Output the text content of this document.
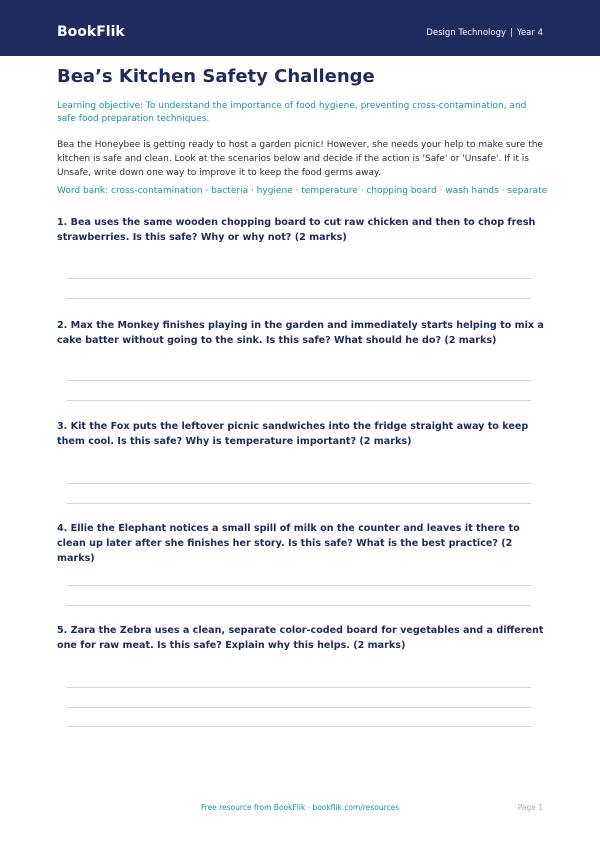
BookFlik	Design Technology | Year 4
Bea’s Kitchen Safety Challenge

Learning objective: To understand the importance of food hygiene, preventing cross-contamination, and safe food preparation techniques.

Bea the Honeybee is getting ready to host a garden picnic! However, she needs your help to make sure the kitchen is safe and clean. Look at the scenarios below and decide if the action is 'Safe' or 'Unsafe'. If it is Unsafe, write down one way to improve it to keep the food germs away.

Word bank: cross-contamination · bacteria · hygiene · temperature · chopping board · wash hands · separate

1. Bea uses the same wooden chopping board to cut raw chicken and then to chop fresh strawberries. Is this safe? Why or why not? (2 marks)

2. Max the Monkey finishes playing in the garden and immediately starts helping to mix a cake batter without going to the sink. Is this safe? What should he do? (2 marks)

3. Kit the Fox puts the leftover picnic sandwiches into the fridge straight away to keep them cool. Is this safe? Why is temperature important? (2 marks)

4. Ellie the Elephant notices a small spill of milk on the counter and leaves it there to clean up later after she finishes her story. Is this safe? What is the best practice? (2 marks)

5. Zara the Zebra uses a clean, separate color-coded board for vegetables and a different one for raw meat. Is this safe? Explain why this helps. (2 marks)

Free resource from BookFlik · bookflik.com/resources	Page 1
